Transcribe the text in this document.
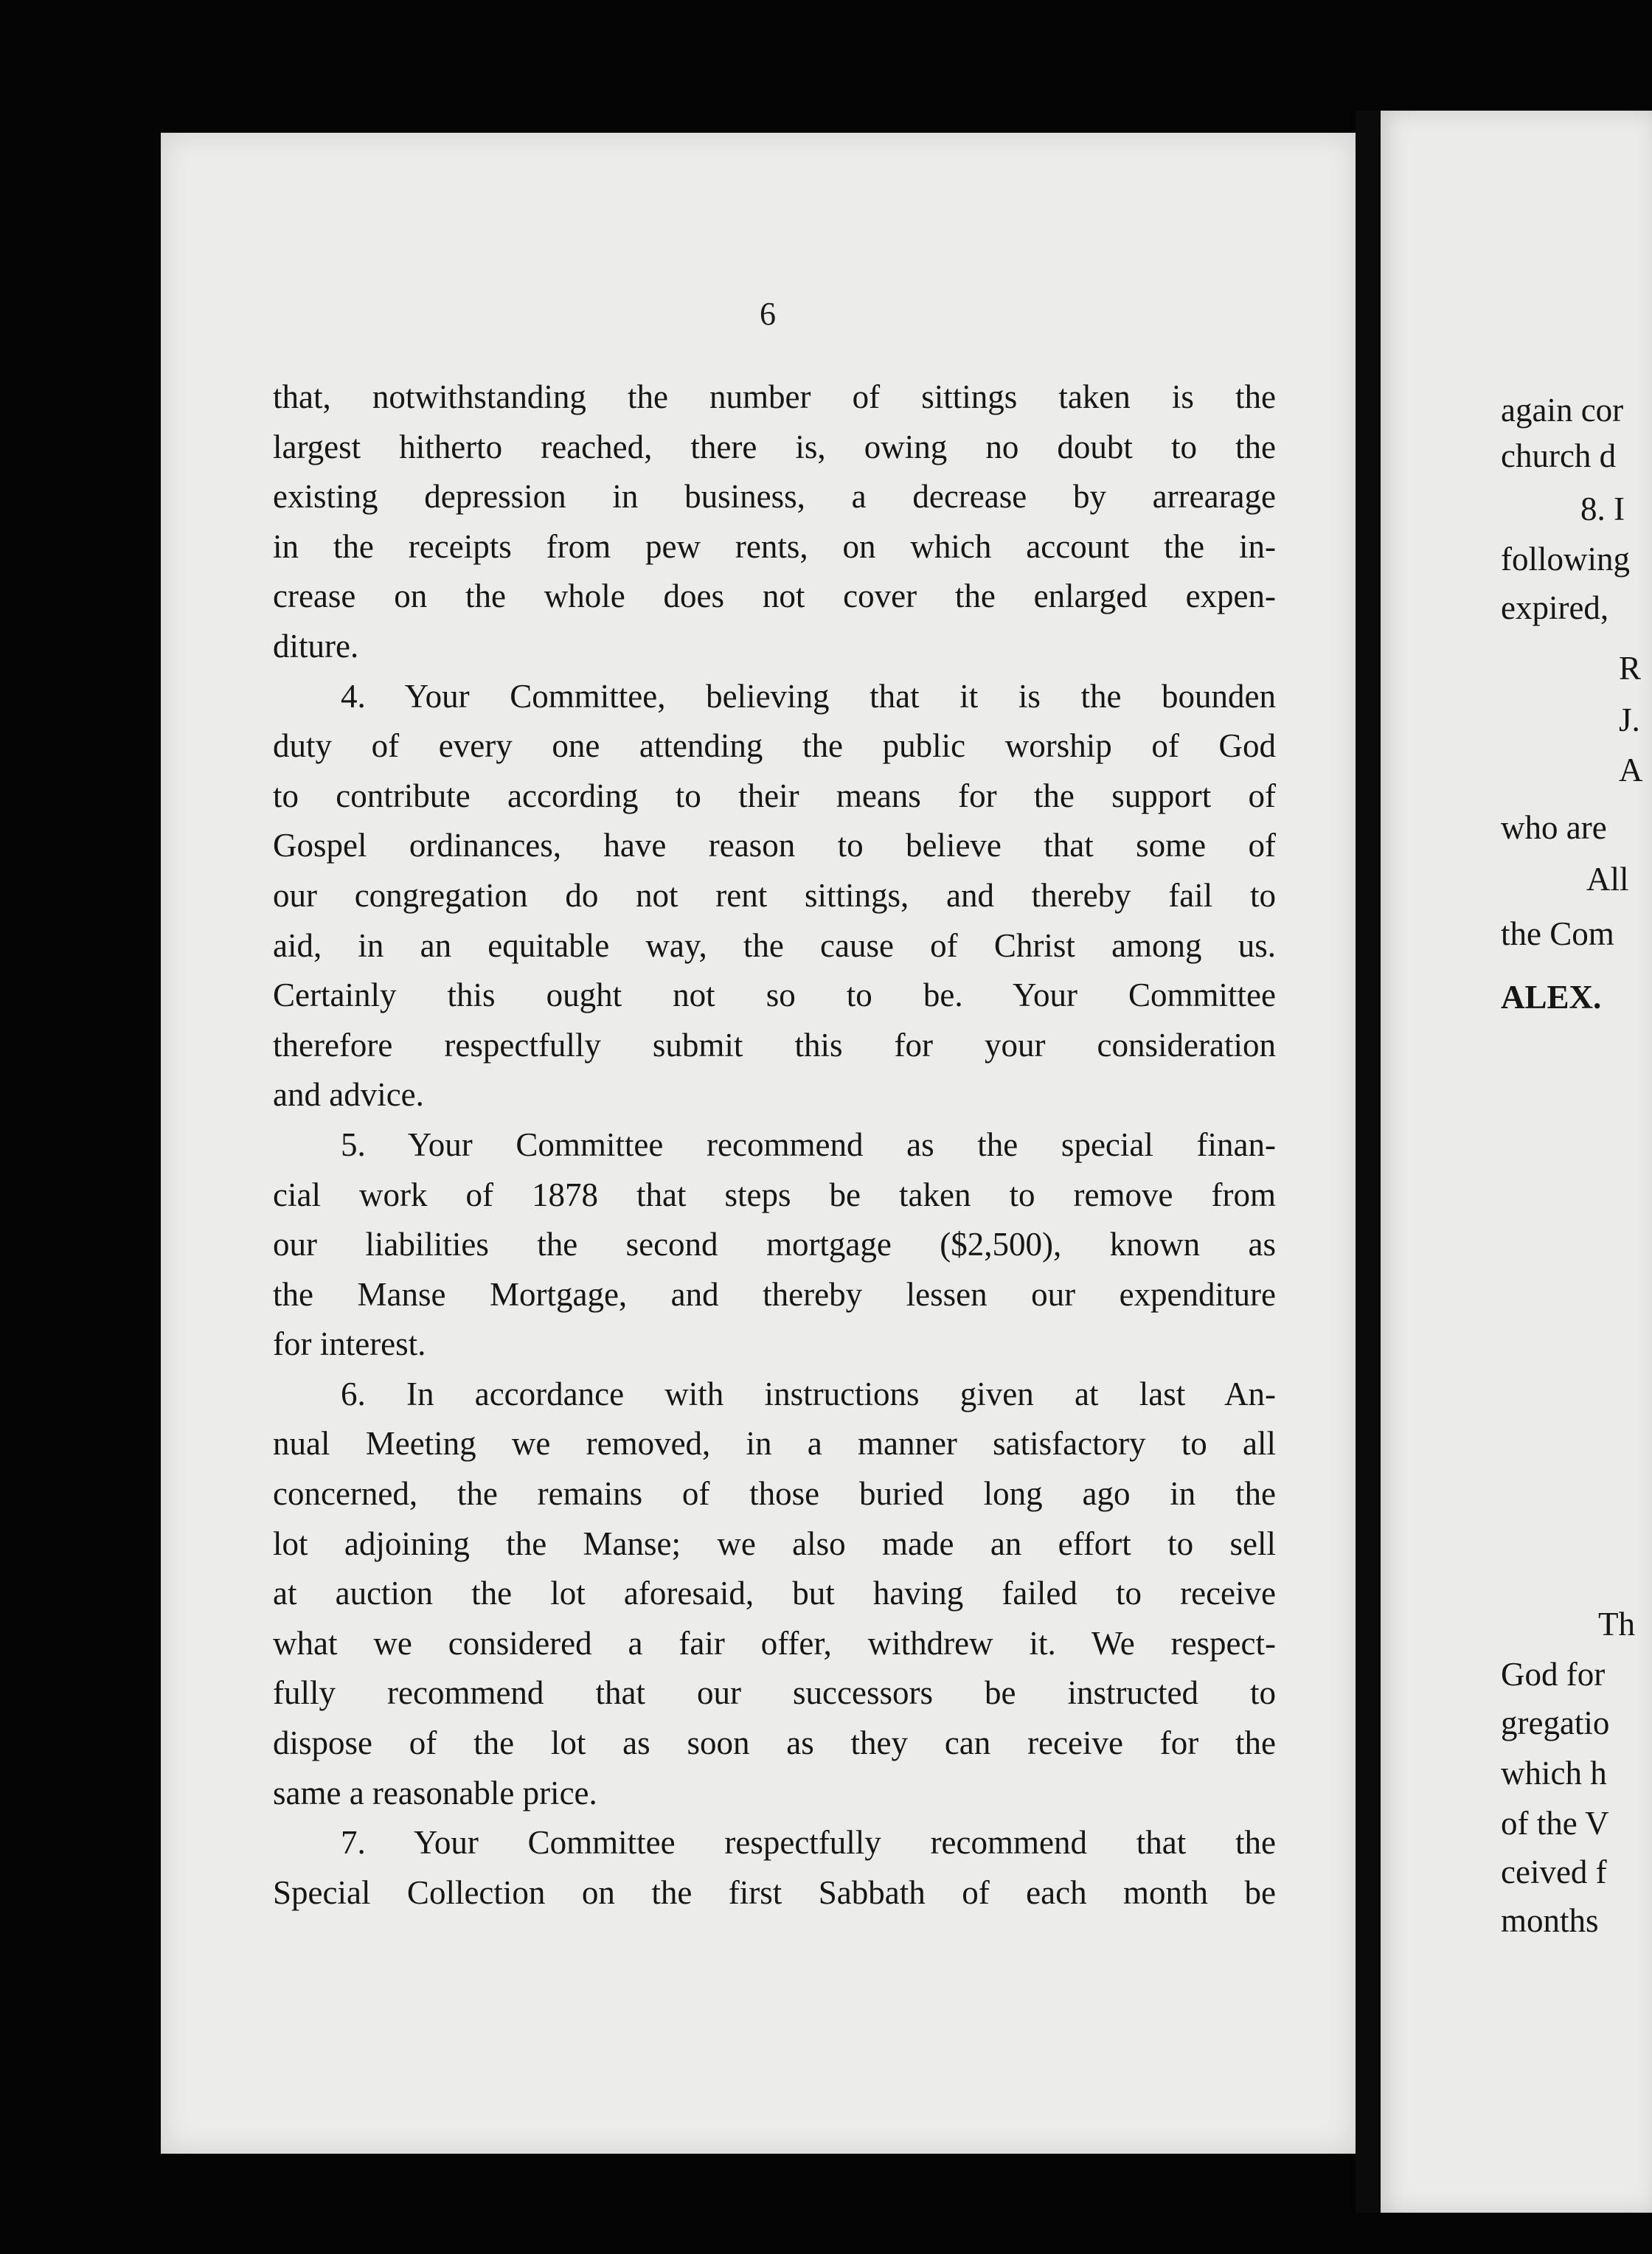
6
that, notwithstanding the number of sittings taken is the
largest hitherto reached, there is, owing no doubt to the
existing depression in business, a decrease by arrearage
in the receipts from pew rents, on which account the in-
crease on the whole does not cover the enlarged expen-
diture.
4. Your Committee, believing that it is the bounden
duty of every one attending the public worship of God
to contribute according to their means for the support of
Gospel ordinances, have reason to believe that some of
our congregation do not rent sittings, and thereby fail to
aid, in an equitable way, the cause of Christ among us.
Certainly this ought not so to be. Your Committee
therefore respectfully submit this for your consideration
and advice.
5. Your Committee recommend as the special finan-
cial work of 1878 that steps be taken to remove from
our liabilities the second mortgage ($2,500), known as
the Manse Mortgage, and thereby lessen our expenditure
for interest.
6. In accordance with instructions given at last An-
nual Meeting we removed, in a manner satisfactory to all
concerned, the remains of those buried long ago in the
lot adjoining the Manse; we also made an effort to sell
at auction the lot aforesaid, but having failed to receive
what we considered a fair offer, withdrew it. We respect-
fully recommend that our successors be instructed to
dispose of the lot as soon as they can receive for the
same a reasonable price.
7. Your Committee respectfully recommend that the
Special Collection on the first Sabbath of each month be
again cor
church d
8. I
following
expired,
R
J.
A
who are
All
the Com
ALEX.
Th
God for
gregatio
which h
of the V
ceived f
months
